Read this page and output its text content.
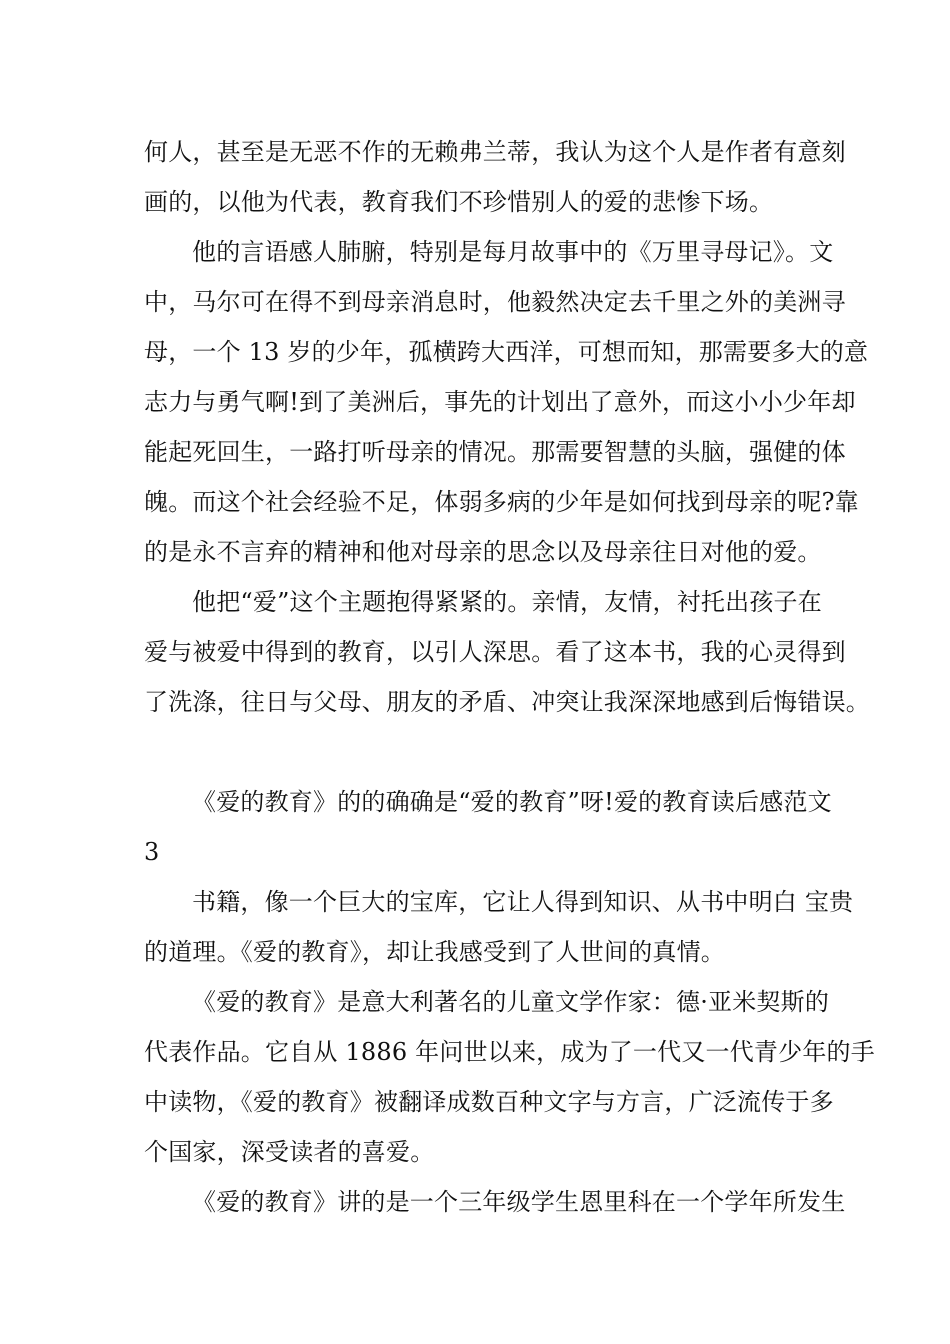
何人，甚至是无恶不作的无赖弗兰蒂，我认为这个人是作者有意刻
画的，以他为代表，教育我们不珍惜别人的爱的悲惨下场。
他的言语感人肺腑，特别是每月故事中的《万里寻母记》。文
中，马尔可在得不到母亲消息时，他毅然决定去千里之外的美洲寻
母，一个 13 岁的少年，孤横跨大西洋，可想而知，那需要多大的意
志力与勇气啊!到了美洲后，事先的计划出了意外，而这小小少年却
能起死回生，一路打听母亲的情况。那需要智慧的头脑，强健的体
魄。而这个社会经验不足，体弱多病的少年是如何找到母亲的呢?靠
的是永不言弃的精神和他对母亲的思念以及母亲往日对他的爱。
他把“爱”这个主题抱得紧紧的。亲情，友情，衬托出孩子在
爱与被爱中得到的教育，以引人深思。看了这本书，我的心灵得到
了洗涤，往日与父母、朋友的矛盾、冲突让我深深地感到后悔错误。
《爱的教育》的的确确是“爱的教育”呀!爱的教育读后感范文
3
书籍，像一个巨大的宝库，它让人得到知识、从书中明白 宝贵
的道理。《爱的教育》，却让我感受到了人世间的真情。
《爱的教育》是意大利著名的儿童文学作家：德·亚米契斯的
代表作品。它自从 1886 年问世以来，成为了一代又一代青少年的手
中读物，《爱的教育》被翻译成数百种文字与方言，广泛流传于多
个国家，深受读者的喜爱。
《爱的教育》讲的是一个三年级学生恩里科在一个学年所发生
